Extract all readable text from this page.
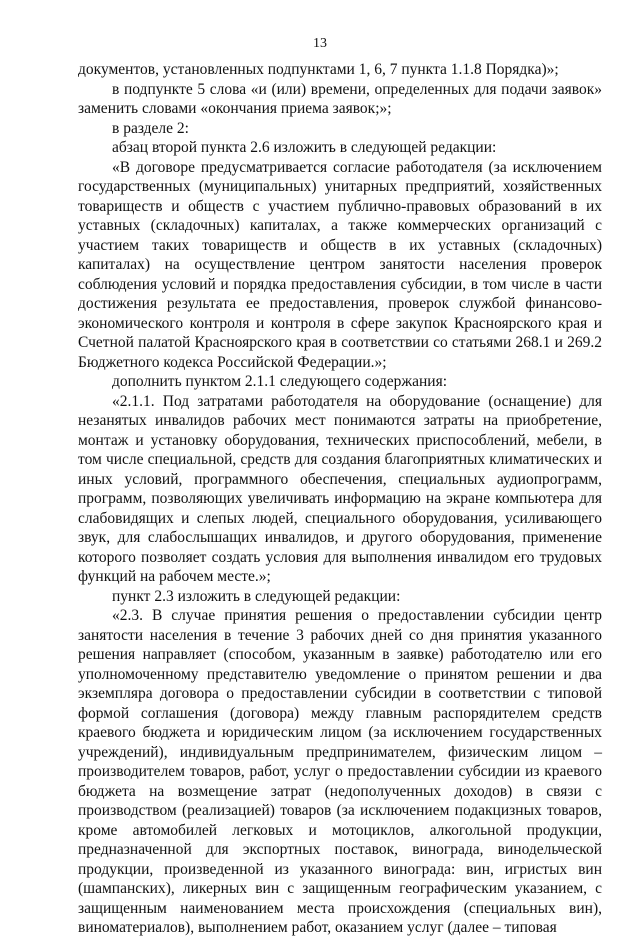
13

документов, установленных подпунктами 1, 6, 7 пункта 1.1.8 Порядка)»;

в подпункте 5 слова «и (или) времени, определенных для подачи заявок» заменить словами «окончания приема заявок;»;

в разделе 2:

абзац второй пункта 2.6 изложить в следующей редакции:

«В договоре предусматривается согласие работодателя (за исключением государственных (муниципальных) унитарных предприятий, хозяйственных товариществ и обществ с участием публично-правовых образований в их уставных (складочных) капиталах, а также коммерческих организаций с участием таких товариществ и обществ в их уставных (складочных) капиталах) на осуществление центром занятости населения проверок соблюдения условий и порядка предоставления субсидии, в том числе в части достижения результата ее предоставления, проверок службой финансово-экономического контроля и контроля в сфере закупок Красноярского края и Счетной палатой Красноярского края в соответствии со статьями 268.1 и 269.2 Бюджетного кодекса Российской Федерации.»;

дополнить пунктом 2.1.1 следующего содержания:

«2.1.1. Под затратами работодателя на оборудование (оснащение) для незанятых инвалидов рабочих мест понимаются затраты на приобретение, монтаж и установку оборудования, технических приспособлений, мебели, в том числе специальной, средств для создания благоприятных климатических и иных условий, программного обеспечения, специальных аудиопрограмм, программ, позволяющих увеличивать информацию на экране компьютера для слабовидящих и слепых людей, специального оборудования, усиливающего звук, для слабослышащих инвалидов, и другого оборудования, применение которого позволяет создать условия для выполнения инвалидом его трудовых функций на рабочем месте.»;

пункт 2.3 изложить в следующей редакции:

«2.3. В случае принятия решения о предоставлении субсидии центр занятости населения в течение 3 рабочих дней со дня принятия указанного решения направляет (способом, указанным в заявке) работодателю или его уполномоченному представителю уведомление о принятом решении и два экземпляра договора о предоставлении субсидии в соответствии с типовой формой соглашения (договора) между главным распорядителем средств краевого бюджета и юридическим лицом (за исключением государственных учреждений), индивидуальным предпринимателем, физическим лицом – производителем товаров, работ, услуг о предоставлении субсидии из краевого бюджета на возмещение затрат (недополученных доходов) в связи с производством (реализацией) товаров (за исключением подакцизных товаров, кроме автомобилей легковых и мотоциклов, алкогольной продукции, предназначенной для экспортных поставок, винограда, винодельческой продукции, произведенной из указанного винограда: вин, игристых вин (шампанских), ликерных вин с защищенным географическим указанием, с защищенным наименованием места происхождения (специальных вин), виноматериалов), выполнением работ, оказанием услуг (далее – типовая
